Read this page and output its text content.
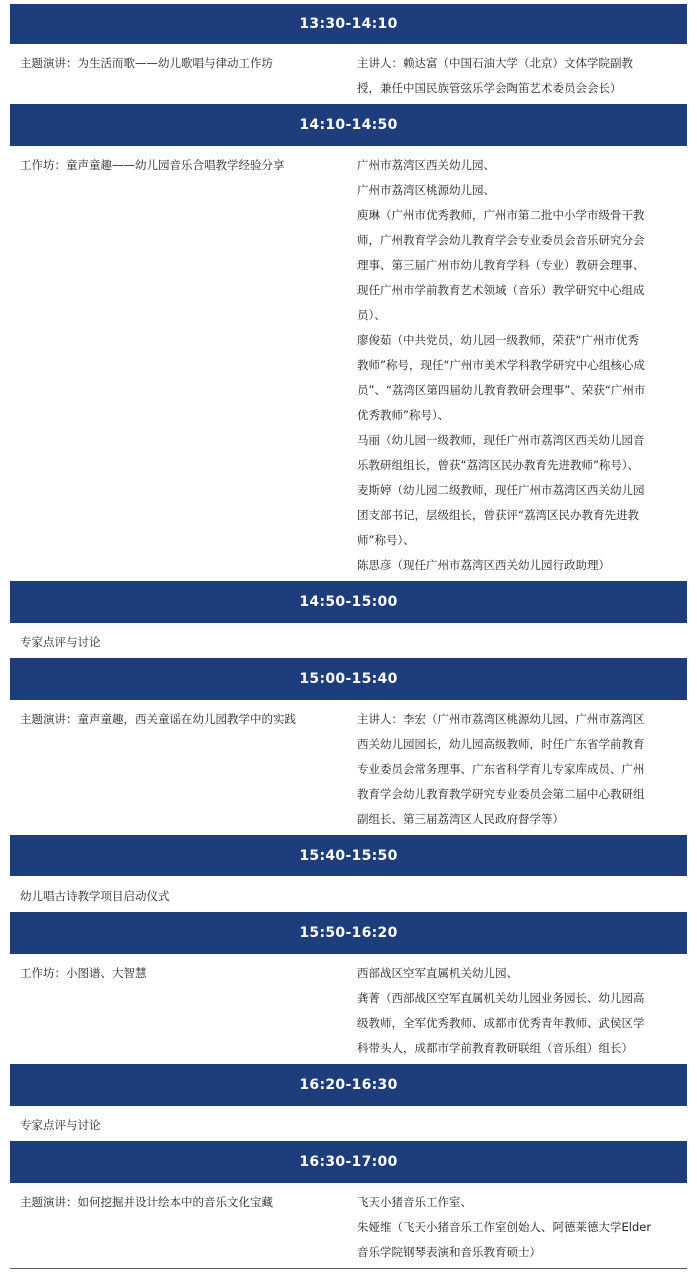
13:30-14:10
主题演讲：为生活而歌——幼儿歌唱与律动工作坊	主讲人：赖达富（中国石油大学（北京）文体学院副教
授，兼任中国民族管弦乐学会陶笛艺术委员会会长）
14:10-14:50
工作坊：童声童趣——幼儿园音乐合唱教学经验分享	广州市荔湾区西关幼儿园、
广州市荔湾区桃源幼儿园、
庾琳（广州市优秀教师，广州市第二批中小学市级骨干教
师，广州教育学会幼儿教育学会专业委员会音乐研究分会
理事、第三届广州市幼儿教育学科（专业）教研会理事、
现任广州市学前教育艺术领域（音乐）教学研究中心组成
员）、
廖俊茹（中共党员，幼儿园一级教师，荣获“广州市优秀
教师”称号，现任“广州市美术学科教学研究中心组核心成
员”、“荔湾区第四届幼儿教育教研会理事”、荣获“广州市
优秀教师”称号）、
马丽（幼儿园一级教师，现任广州市荔湾区西关幼儿园音
乐教研组组长，曾获“荔湾区民办教育先进教师”称号）、
麦斯婷（幼儿园二级教师，现任广州市荔湾区西关幼儿园
团支部书记，层级组长，曾获评“荔湾区民办教育先进教
师”称号）、
陈思彦（现任广州市荔湾区西关幼儿园行政助理）
14:50-15:00
专家点评与讨论
15:00-15:40
主题演讲：童声童趣，西关童谣在幼儿园教学中的实践	主讲人：李宏（广州市荔湾区桃源幼儿园、广州市荔湾区
西关幼儿园园长，幼儿园高级教师，时任广东省学前教育
专业委员会常务理事、广东省科学育儿专家库成员、广州
教育学会幼儿教育教学研究专业委员会第二届中心教研组
副组长、第三届荔湾区人民政府督学等）
15:40-15:50
幼儿唱古诗教学项目启动仪式
15:50-16:20
工作坊：小图谱、大智慧	西部战区空军直属机关幼儿园、
龚菁（西部战区空军直属机关幼儿园业务园长、幼儿园高
级教师，全军优秀教师、成都市优秀青年教师、武侯区学
科带头人，成都市学前教育教研联组（音乐组）组长）
16:20-16:30
专家点评与讨论
16:30-17:00
主题演讲：如何挖掘并设计绘本中的音乐文化宝藏	飞天小猪音乐工作室、
朱娅维（飞天小猪音乐工作室创始人、阿德莱德大学Elder
音乐学院钢琴表演和音乐教育硕士）
